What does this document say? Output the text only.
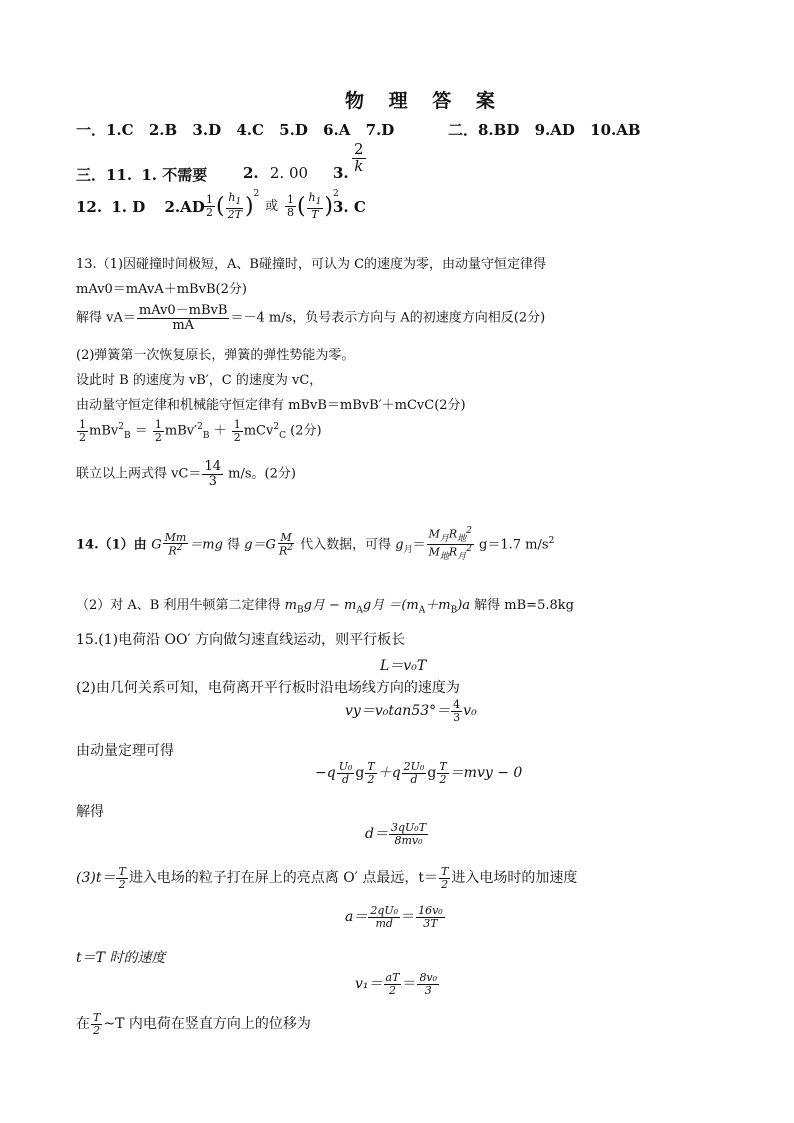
物 理 答 案
一．1.C 2.B 3.D 4.C 5.D 6.A 7.D	二．8.BD 9.AD 10.AB
三．11. 1. 不需要 2. 2. 00 3. $\frac{2}{k}$
12. 1. D $2.AD \frac{1}{2}$ ( $\frac{h_1}{2T} )^2$ 或 $\frac{1}{8}$ ( $\frac{h_1}{T} )^2$
3. C
13.（1)因碰撞时间极短，A、B碰撞时，可认为 C的速度为零，由动量守恒定律得
mAv0＝mAvA＋mBvB(2分)
解得 $vA= \frac{\text{mAv0－mBvB}}{mA} =-4$ m/s，负号表示方向与 A的初速度方向相反(2分)
(2)弹簧第一次恢复原长，弹簧的弹性势能为零。
设此时 B 的速度为 vB′，C 的速度为 vC，
由动量守恒定律和机械能守恒定律有 mBvB＝mBvB′＋mCvC(2分)
$\frac{1}{2} mBv^2_B = \frac{1}{2} mBv'^2_B + \frac{1}{2} mCv^2_C$ (2分)
联立以上两式得 $vC= \frac{14}{3} m/s$。(2分)
14.（1）由 G $\frac{Mm}{R^2} =mg$ 得 $g=G \frac{M}{R^2}$ 代入数据，可得 $g_月= \frac{M_月R_地^2}{M_地R_月^2} g=1.7$ $m/s^2$
（2）对 A、B 利用牛顿第二定律得 $m_Bg$月 − $m_Ag$月 $=(m_A+m_B)a$ 解得 mB=5.8kg
15.(1)电荷沿 OO′ 方向做匀速直线运动，则平行板长
L＝v₀T
(2)由几何关系可知，电荷离开平行板时沿电场线方向的速度为
$vy=v_0\tan 53^\circ= \frac{4}{3} v_0$
由动量定理可得
$-q \frac{\text{U₀}}{d}$ g $\frac{T}{2} +q \frac{\text{2U₀}}{d}$ g $\frac{T}{2} =mvy - 0$
解得
$d= \frac{\text{3qU₀T}}{\text{8mv₀}}$
$(3)t= \frac{T}{2}$ 进入电场的粒子打在屏上的亮点离 O′ 点最远，$t= \frac{T}{2}$ 进入电场时的加速度
$a= \frac{\text{2qU₀}}{md} = \frac{\text{16v₀}}{3T}$
t＝T 时的速度
$v_1= \frac{aT}{2} = \frac{\text{8v₀}}{3}$
在 $\frac{T}{2}$ ~T 内电荷在竖直方向上的位移为
